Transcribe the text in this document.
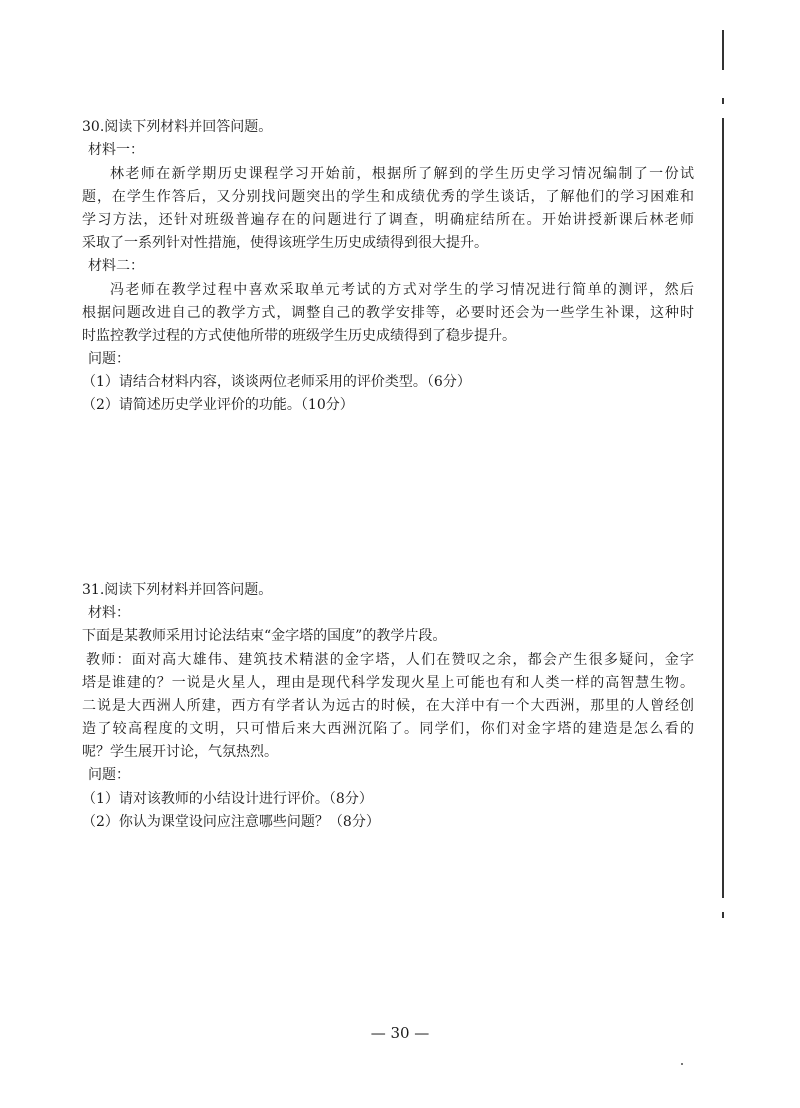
30.阅读下列材料并回答问题。

材料一：

林老师在新学期历史课程学习开始前，根据所了解到的学生历史学习情况编制了一份试

题，在学生作答后，又分别找问题突出的学生和成绩优秀的学生谈话，了解他们的学习困难和

学习方法，还针对班级普遍存在的问题进行了调查，明确症结所在。开始讲授新课后林老师

采取了一系列针对性措施，使得该班学生历史成绩得到很大提升。

材料二：

冯老师在教学过程中喜欢采取单元考试的方式对学生的学习情况进行简单的测评，然后

根据问题改进自己的教学方式，调整自己的教学安排等，必要时还会为一些学生补课，这种时

时监控教学过程的方式使他所带的班级学生历史成绩得到了稳步提升。

问题：

（1）请结合材料内容，谈谈两位老师采用的评价类型。（6分）

（2）请简述历史学业评价的功能。（10分）

31.阅读下列材料并回答问题。

材料：

下面是某教师采用讨论法结束“金字塔的国度”的教学片段。

教师：面对高大雄伟、建筑技术精湛的金字塔，人们在赞叹之余，都会产生很多疑问，金字

塔是谁建的？一说是火星人，理由是现代科学发现火星上可能也有和人类一样的高智慧生物。

二说是大西洲人所建，西方有学者认为远古的时候，在大洋中有一个大西洲，那里的人曾经创

造了较高程度的文明，只可惜后来大西洲沉陷了。同学们，你们对金字塔的建造是怎么看的

呢？学生展开讨论，气氛热烈。

问题：

（1）请对该教师的小结设计进行评价。（8分）

（2）你认为课堂设问应注意哪些问题？（8分）

— 30 —
